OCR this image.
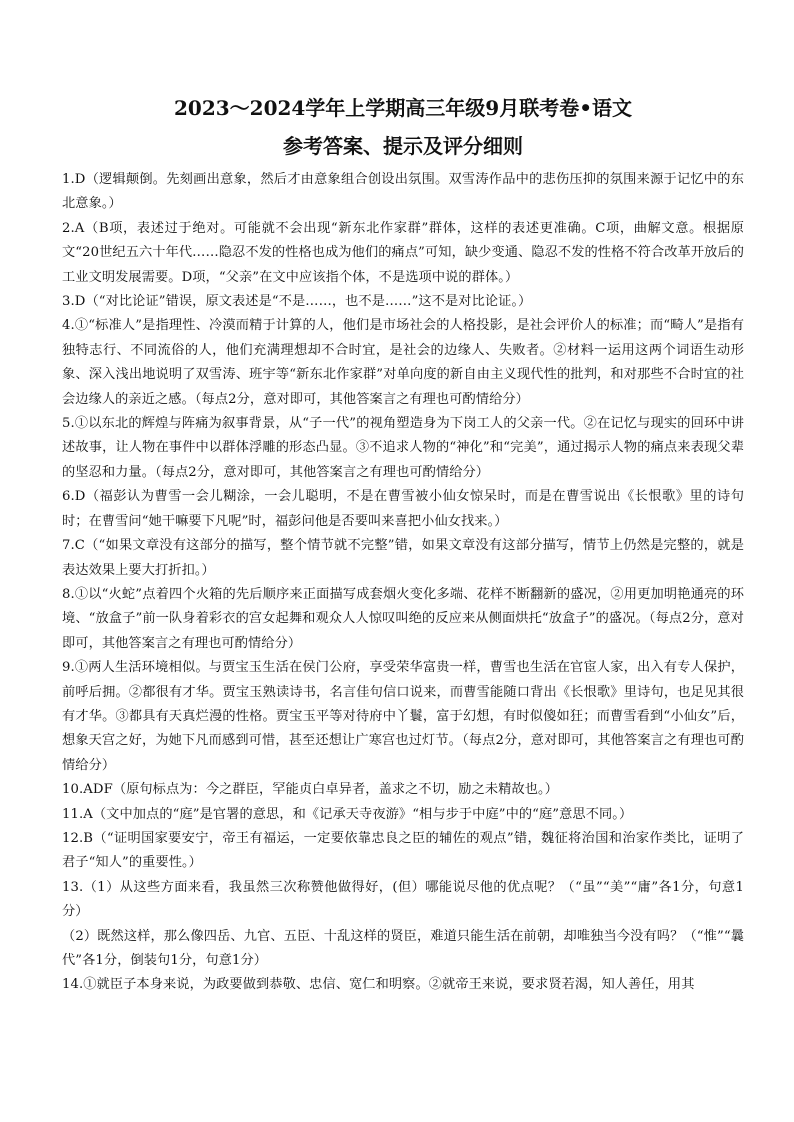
2023～2024学年上学期高三年级9月联考卷•语文
参考答案、提示及评分细则

1.D（逻辑颠倒。先刻画出意象，然后才由意象组合创设出氛围。双雪涛作品中的悲伤压抑的氛围来源于记忆中的东北意象。）

2.A（B项，表述过于绝对。可能就不会出现“新东北作家群”群体，这样的表述更准确。C项，曲解文意。根据原文“20世纪五六十年代……隐忍不发的性格也成为他们的痛点”可知，缺少变通、隐忍不发的性格不符合改革开放后的工业文明发展需要。D项，“父亲”在文中应该指个体，不是选项中说的群体。）

3.D（“对比论证”错误，原文表述是“不是……，也不是……”这不是对比论证。）

4.①“标准人”是指理性、冷漠而精于计算的人，他们是市场社会的人格投影，是社会评价人的标准；而“畸人”是指有独特志行、不同流俗的人，他们充满理想却不合时宜，是社会的边缘人、失败者。②材料一运用这两个词语生动形象、深入浅出地说明了双雪涛、班宇等“新东北作家群”对单向度的新自由主义现代性的批判，和对那些不合时宜的社会边缘人的亲近之感。（每点2分，意对即可，其他答案言之有理也可酌情给分）

5.①以东北的辉煌与阵痛为叙事背景，从“子一代”的视角塑造身为下岗工人的父亲一代。②在记忆与现实的回环中讲述故事，让人物在事件中以群体浮雕的形态凸显。③不追求人物的“神化”和“完美”，通过揭示人物的痛点来表现父辈的坚忍和力量。（每点2分，意对即可，其他答案言之有理也可酌情给分）

6.D（福彭认为曹雪一会儿糊涂，一会儿聪明，不是在曹雪被小仙女惊呆时，而是在曹雪说出《长恨歌》里的诗句时；在曹雪问“她干嘛要下凡呢”时，福彭问他是否要叫来喜把小仙女找来。）

7.C（“如果文章没有这部分的描写，整个情节就不完整”错，如果文章没有这部分描写，情节上仍然是完整的，就是表达效果上要大打折扣。）

8.①以“火蛇”点着四个火箱的先后顺序来正面描写成套烟火变化多端、花样不断翻新的盛况，②用更加明艳通亮的环境、“放盒子”前一队身着彩衣的宫女起舞和观众人人惊叹叫绝的反应来从侧面烘托“放盒子”的盛况。（每点2分，意对即可，其他答案言之有理也可酌情给分）

9.①两人生活环境相似。与贾宝玉生活在侯门公府，享受荣华富贵一样，曹雪也生活在官宦人家，出入有专人保护，前呼后拥。②都很有才华。贾宝玉熟读诗书，名言佳句信口说来，而曹雪能随口背出《长恨歌》里诗句，也足见其很有才华。③都具有天真烂漫的性格。贾宝玉平等对待府中丫鬟，富于幻想，有时似傻如狂；而曹雪看到“小仙女”后，想象天宫之好，为她下凡而感到可惜，甚至还想让广寒宫也过灯节。（每点2分，意对即可，其他答案言之有理也可酌情给分）

10.ADF（原句标点为：今之群臣，罕能贞白卓异者，盖求之不切，励之未精故也。）

11.A（文中加点的“庭”是官署的意思，和《记承天寺夜游》“相与步于中庭”中的“庭”意思不同。）

12.B（“证明国家要安宁，帝王有福运，一定要依靠忠良之臣的辅佐的观点”错，魏征将治国和治家作类比，证明了君子“知人”的重要性。）

13.（1）从这些方面来看，我虽然三次称赞他做得好，(但）哪能说尽他的优点呢？（“虽”“美”“庸”各1分，句意1分）

（2）既然这样，那么像四岳、九官、五臣、十乱这样的贤臣，难道只能生活在前朝，却唯独当今没有吗？（“惟”“曩代”各1分，倒装句1分，句意1分）

14.①就臣子本身来说，为政要做到恭敬、忠信、宽仁和明察。②就帝王来说，要求贤若渴，知人善任，用其
